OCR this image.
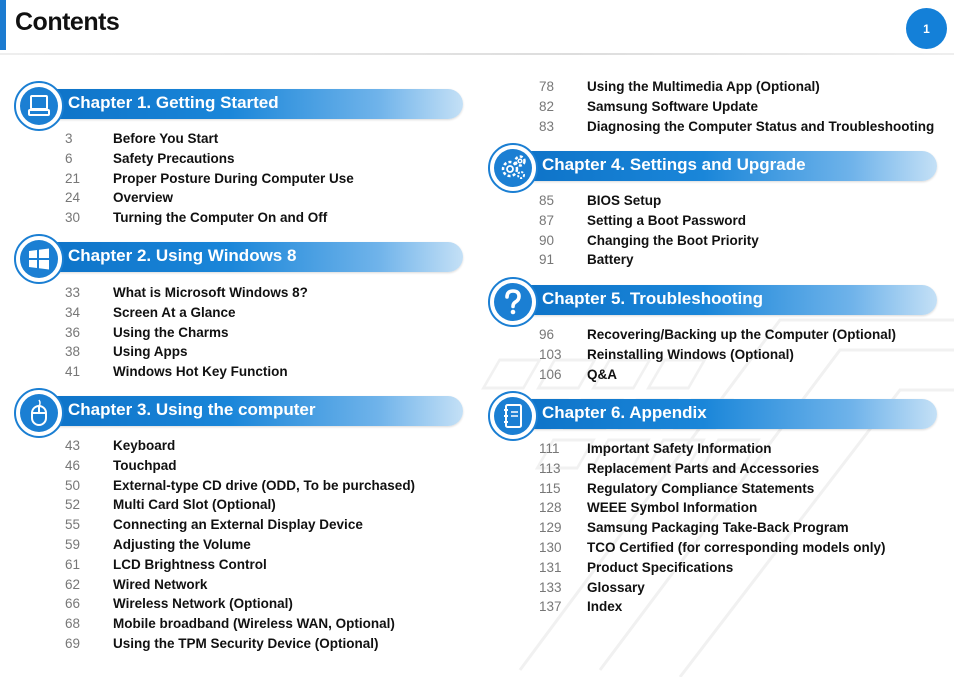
Contents	1
Chapter 1. Getting Started
3	Before You Start
6	Safety Precautions
21	Proper Posture During Computer Use
24	Overview
30	Turning the Computer On and Off
Chapter 2. Using Windows 8
33	What is Microsoft Windows 8?
34	Screen At a Glance
36	Using the Charms
38	Using Apps
41	Windows Hot Key Function
Chapter 3. Using the computer
43	Keyboard
46	Touchpad
50	External-type CD drive (ODD, To be purchased)
52	Multi Card Slot (Optional)
55	Connecting an External Display Device
59	Adjusting the Volume
61	LCD Brightness Control
62	Wired Network
66	Wireless Network (Optional)
68	Mobile broadband (Wireless WAN, Optional)
69	Using the TPM Security Device (Optional)
78	Using the Multimedia App (Optional)
82	Samsung Software Update
83	Diagnosing the Computer Status and Troubleshooting
Chapter 4. Settings and Upgrade
85	BIOS Setup
87	Setting a Boot Password
90	Changing the Boot Priority
91	Battery
Chapter 5. Troubleshooting
96	Recovering/Backing up the Computer (Optional)
103	Reinstalling Windows (Optional)
106	Q&A
Chapter 6. Appendix
111	Important Safety Information
113	Replacement Parts and Accessories
115	Regulatory Compliance Statements
128	WEEE Symbol Information
129	Samsung Packaging Take-Back Program
130	TCO Certified (for corresponding models only)
131	Product Specifications
133	Glossary
137	Index
